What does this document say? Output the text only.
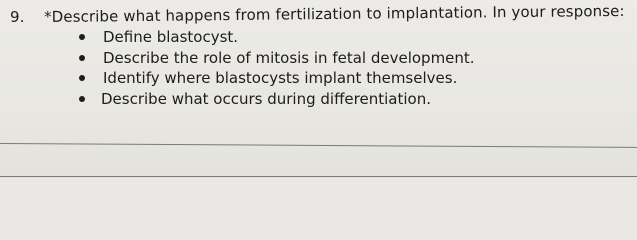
9. *Describe what happens from fertilization to implantation. In your response:
Define blastocyst.
Describe the role of mitosis in fetal development.
Identify where blastocysts implant themselves.
Describe what occurs during differentiation.
